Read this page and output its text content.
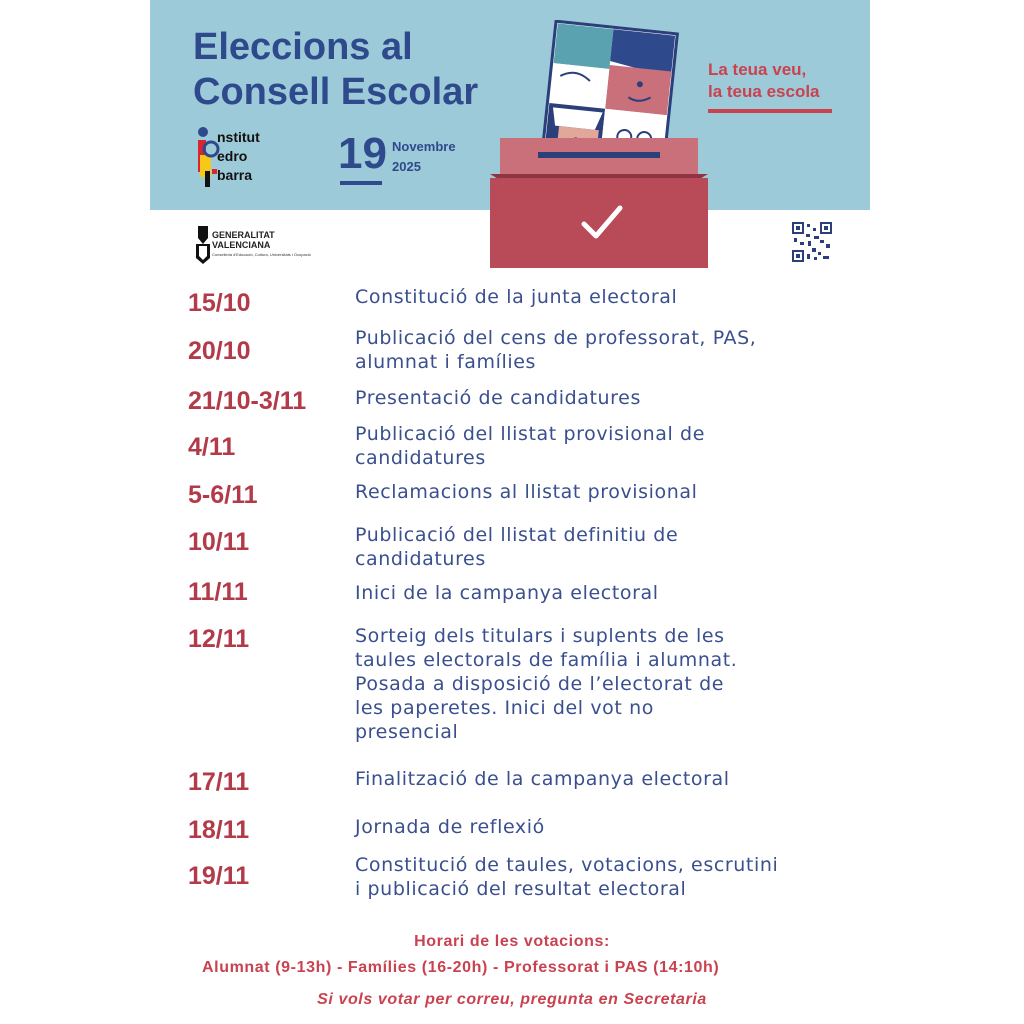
Eleccions al
Consell Escolar
nstitut
edro
barra 19 Novembre
2025
La teua veu,
la teua escola
GENERALITAT
VALENCIANA
Conselleria d'Educació, Cultura, Universitats i Ocupació
15/10	Constitució de la junta electoral
20/10	Publicació del cens de professorat, PAS,
alumnat i famílies
21/10-3/11	Presentació de candidatures
4/11	Publicació del llistat provisional de
candidatures
5-6/11	Reclamacions al llistat provisional
10/11	Publicació del llistat definitiu de
candidatures
11/11	Inici de la campanya electoral
12/11	Sorteig dels titulars i suplents de les
taules electorals de família i alumnat.
Posada a disposició de l’electorat de
les paperetes. Inici del vot no
presencial
17/11	Finalització de la campanya electoral
18/11	Jornada de reflexió
19/11	Constitució de taules, votacions, escrutini
i publicació del resultat electoral
Horari de les votacions:
Alumnat (9-13h) - Famílies (16-20h) - Professorat i PAS (14:10h)
Si vols votar per correu, pregunta en Secretaria
